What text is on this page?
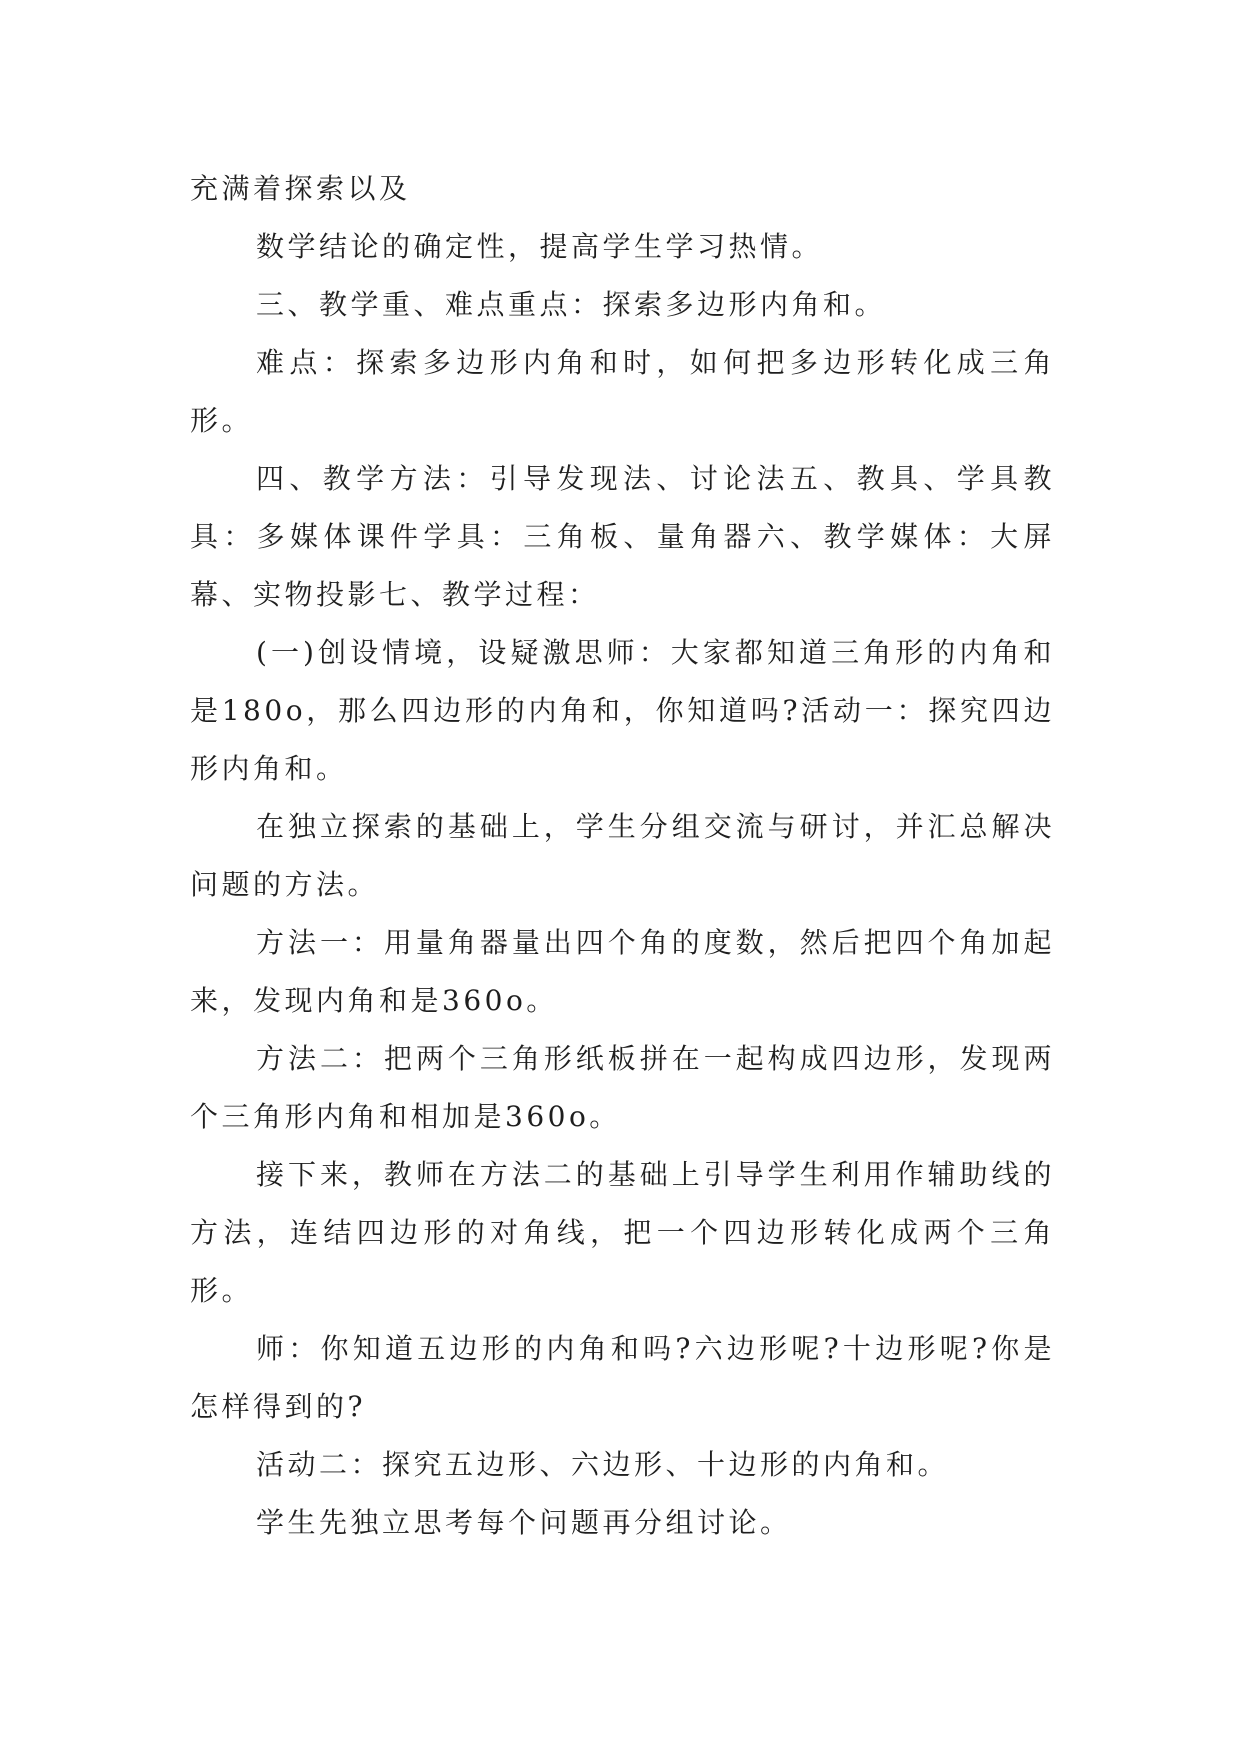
充满着探索以及

数学结论的确定性，提高学生学习热情。

三、教学重、难点重点：探索多边形内角和。

难点：探索多边形内角和时，如何把多边形转化成三角形。

四、教学方法：引导发现法、讨论法五、教具、学具教具：多媒体课件学具：三角板、量角器六、教学媒体：大屏幕、实物投影七、教学过程：

(一)创设情境，设疑激思师：大家都知道三角形的内角和是180o，那么四边形的内角和，你知道吗?活动一：探究四边形内角和。

在独立探索的基础上，学生分组交流与研讨，并汇总解决问题的方法。

方法一：用量角器量出四个角的度数，然后把四个角加起来，发现内角和是360o。

方法二：把两个三角形纸板拼在一起构成四边形，发现两个三角形内角和相加是360o。

接下来，教师在方法二的基础上引导学生利用作辅助线的方法，连结四边形的对角线，把一个四边形转化成两个三角形。

师：你知道五边形的内角和吗?六边形呢?十边形呢?你是怎样得到的?

活动二：探究五边形、六边形、十边形的内角和。

学生先独立思考每个问题再分组讨论。
